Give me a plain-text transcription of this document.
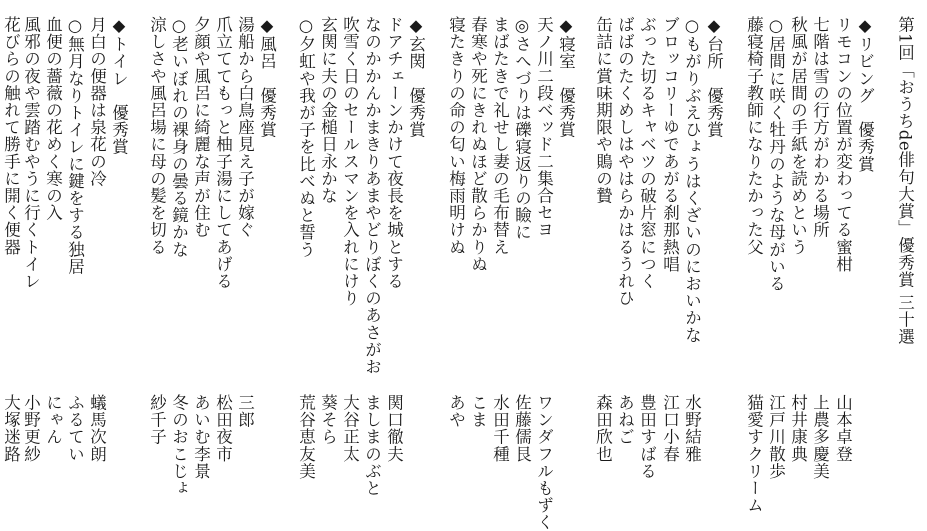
第1回「おうちde俳句大賞」優秀賞 三十選
◆リビング　優秀賞
リモコンの位置が変わってる蜜柑
山本卓登
七階は雪の行方がわかる場所
上農多慶美
秋風が居間の手紙を読めという
村井康典
○居間に咲く牡丹のような母がいる
江戸川散歩
藤寝椅子教師になりたかった父
猫愛すクリーム
◆台所　優秀賞
○もがりぶえひょうはくざいのにおいかな
水野結雅
ブロッコリーゆであがる刹那熱唱
江口小春
ぶった切るキャベツの破片窓につく
豊田すばる
ばばのたくめしはやはらかはるうれひ
あねご
缶詰に賞味期限や鵙の贄
森田欣也
◆寝室　優秀賞
天ノ川二段ベッド二集合セヨ
ワンダフルもずく
◎さへづりは礫寝返りの瞼に
佐藤儒艮
まばたきで礼せし妻の毛布替え
水田千種
春寒や死にきれぬほど散らかりぬ
こま
寝たきりの命の匂い梅雨明けぬ
あや
◆玄関　優秀賞
ドアチェーンかけて夜長を城とする
関口徹夫
なのかかんかまきりあまやどりぼくのあさがお
ましまのぶと
吹雪く日のセールスマンを入れにけり
大谷正太
玄関に夫の金槌日永かな
葵そら
○夕虹や我が子を比べぬと誓う
荒谷恵友美
◆風呂　優秀賞
湯船から白鳥座見え子が嫁ぐ
三郎
爪立ててもっと柚子湯にしてあげる
松田夜市
夕顔や風呂に綺麗な声が住む
あいむ李景
○老いぼれの裸身の曇る鏡かな
冬のおこじょ
涼しさや風呂場に母の髪を切る
紗千子
◆トイレ　優秀賞
月白の便器は泉花の冷
蟻馬次朗
○無月なりトイレに鍵をする独居
ふるてい
血便の薔薇の花めく寒の入
にゃん
風邪の夜や雲踏むやうに行くトイレ
小野更紗
花びらの触れて勝手に開く便器
大塚迷路
